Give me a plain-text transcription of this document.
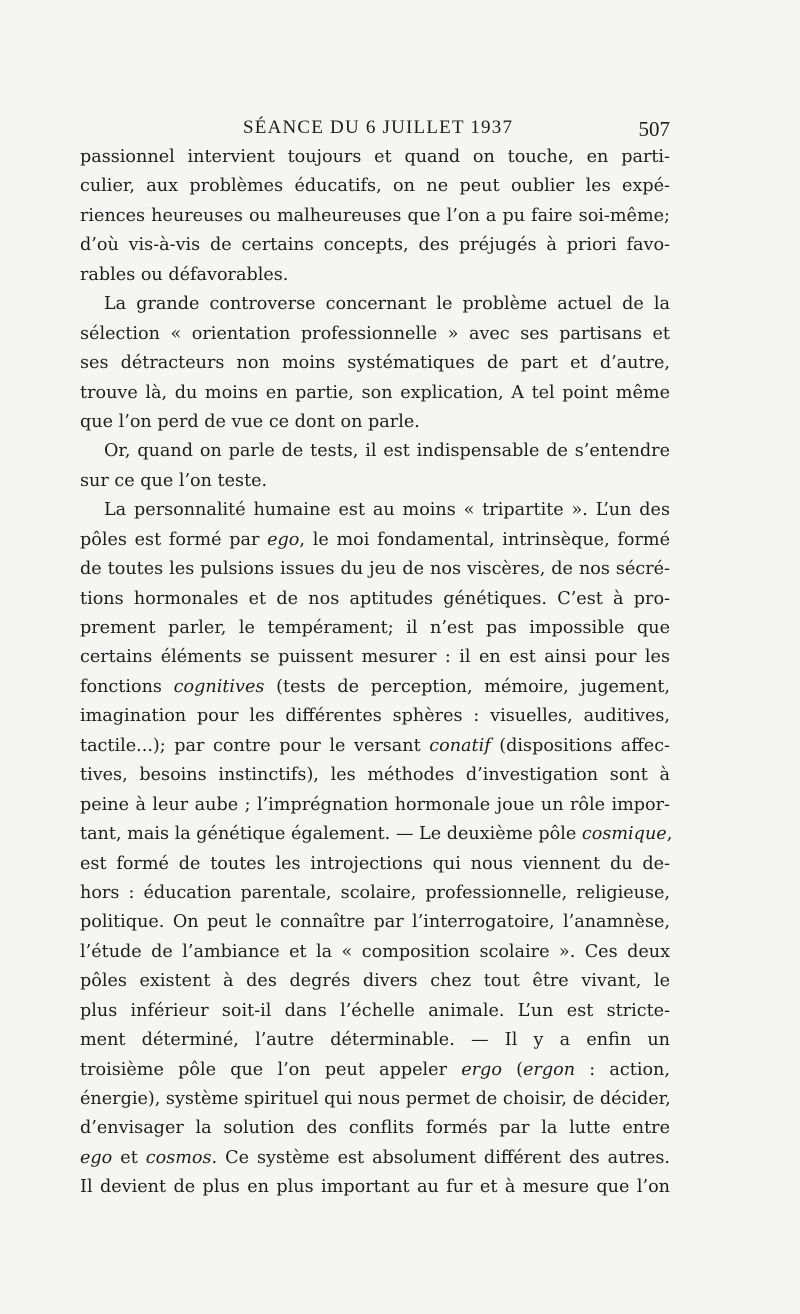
SÉANCE DU 6 JUILLET 1937	507
passionnel intervient toujours et quand on touche, en parti-
culier, aux problèmes éducatifs, on ne peut oublier les expé-
riences heureuses ou malheureuses que l’on a pu faire soi-même;
d’où vis-à-vis de certains concepts, des préjugés à priori favo-
rables ou défavorables.
La grande controverse concernant le problème actuel de la
sélection « orientation professionnelle » avec ses partisans et
ses détracteurs non moins systématiques de part et d’autre,
trouve là, du moins en partie, son explication, A tel point même
que l’on perd de vue ce dont on parle.
Or, quand on parle de tests, il est indispensable de s’entendre
sur ce que l’on teste.
La personnalité humaine est au moins « tripartite ». L’un des
pôles est formé par ego, le moi fondamental, intrinsèque, formé
de toutes les pulsions issues du jeu de nos viscères, de nos sécré-
tions hormonales et de nos aptitudes génétiques. C’est à pro-
prement parler, le tempérament; il n’est pas impossible que
certains éléments se puissent mesurer : il en est ainsi pour les
fonctions cognitives (tests de perception, mémoire, jugement,
imagination pour les différentes sphères : visuelles, auditives,
tactile...); par contre pour le versant conatif (dispositions affec-
tives, besoins instinctifs), les méthodes d’investigation sont à
peine à leur aube ; l’imprégnation hormonale joue un rôle impor-
tant, mais la génétique également. — Le deuxième pôle cosmique,
est formé de toutes les introjections qui nous viennent du de-
hors : éducation parentale, scolaire, professionnelle, religieuse,
politique. On peut le connaître par l’interrogatoire, l’anamnèse,
l’étude de l’ambiance et la « composition scolaire ». Ces deux
pôles existent à des degrés divers chez tout être vivant, le
plus inférieur soit-il dans l’échelle animale. L’un est stricte-
ment déterminé, l’autre déterminable. — Il y a enfin un
troisième pôle que l’on peut appeler ergo (ergon : action,
énergie), système spirituel qui nous permet de choisir, de décider,
d’envisager la solution des conflits formés par la lutte entre
ego et cosmos. Ce système est absolument différent des autres.
Il devient de plus en plus important au fur et à mesure que l’on
